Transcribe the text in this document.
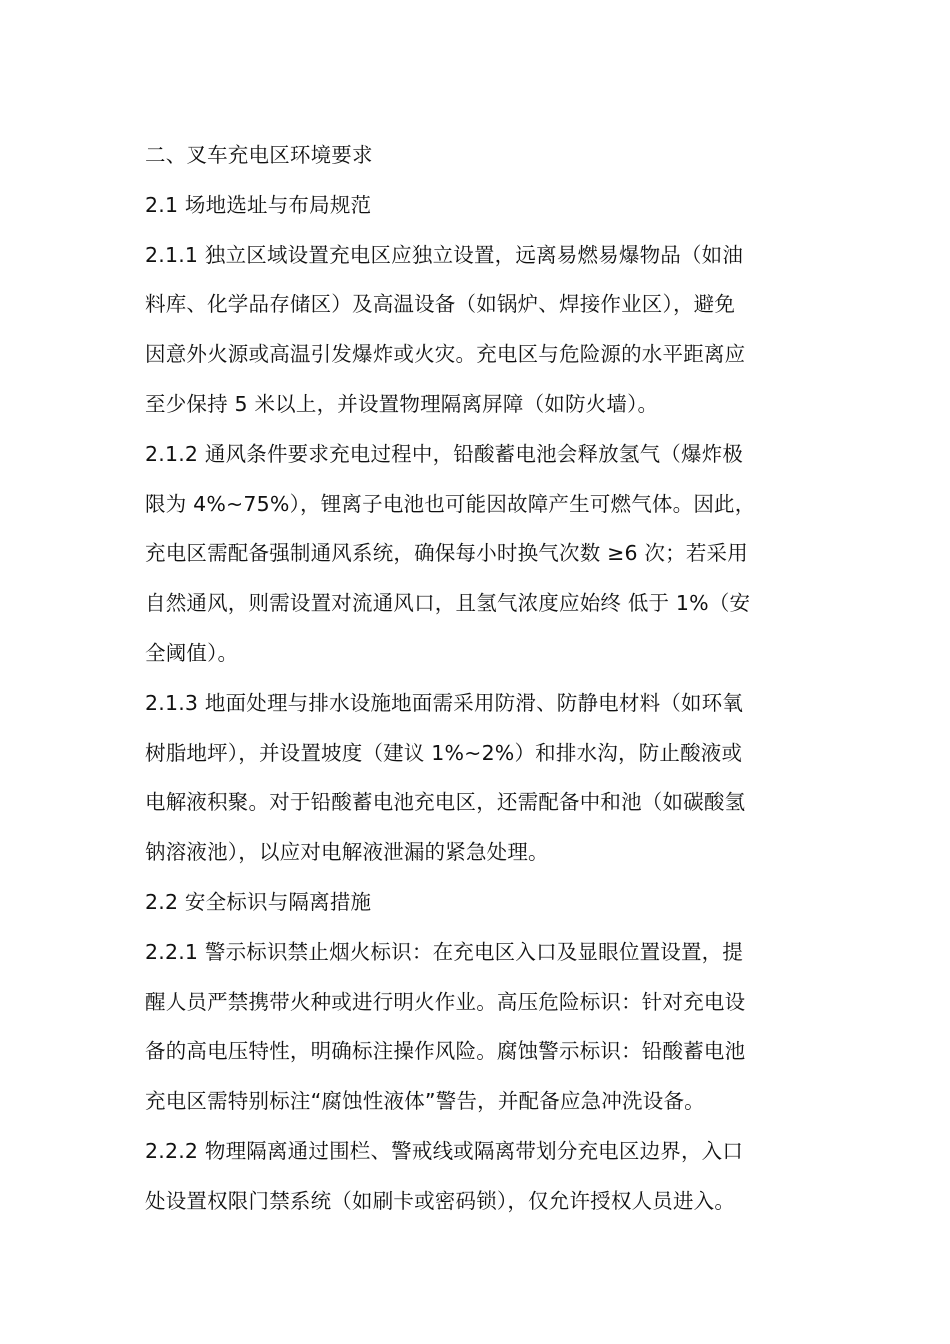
二、叉车充电区环境要求

2.1 场地选址与布局规范

2.1.1 独立区域设置充电区应独立设置，远离易燃易爆物品（如油

料库、化学品存储区）及高温设备（如锅炉、焊接作业区），避免

因意外火源或高温引发爆炸或火灾。充电区与危险源的水平距离应

至少保持 5 米以上，并设置物理隔离屏障（如防火墙）。

2.1.2 通风条件要求充电过程中，铅酸蓄电池会释放氢气（爆炸极

限为 4%~75%），锂离子电池也可能因故障产生可燃气体。因此，

充电区需配备强制通风系统，确保每小时换气次数 ≥6 次；若采用

自然通风，则需设置对流通风口，且氢气浓度应始终 低于 1%（安

全阈值）。

2.1.3 地面处理与排水设施地面需采用防滑、防静电材料（如环氧

树脂地坪），并设置坡度（建议 1%~2%）和排水沟，防止酸液或

电解液积聚。对于铅酸蓄电池充电区，还需配备中和池（如碳酸氢

钠溶液池），以应对电解液泄漏的紧急处理。

2.2 安全标识与隔离措施

2.2.1 警示标识禁止烟火标识：在充电区入口及显眼位置设置，提

醒人员严禁携带火种或进行明火作业。高压危险标识：针对充电设

备的高电压特性，明确标注操作风险。腐蚀警示标识：铅酸蓄电池

充电区需特别标注“腐蚀性液体”警告，并配备应急冲洗设备。

2.2.2 物理隔离通过围栏、警戒线或隔离带划分充电区边界，入口

处设置权限门禁系统（如刷卡或密码锁），仅允许授权人员进入。
